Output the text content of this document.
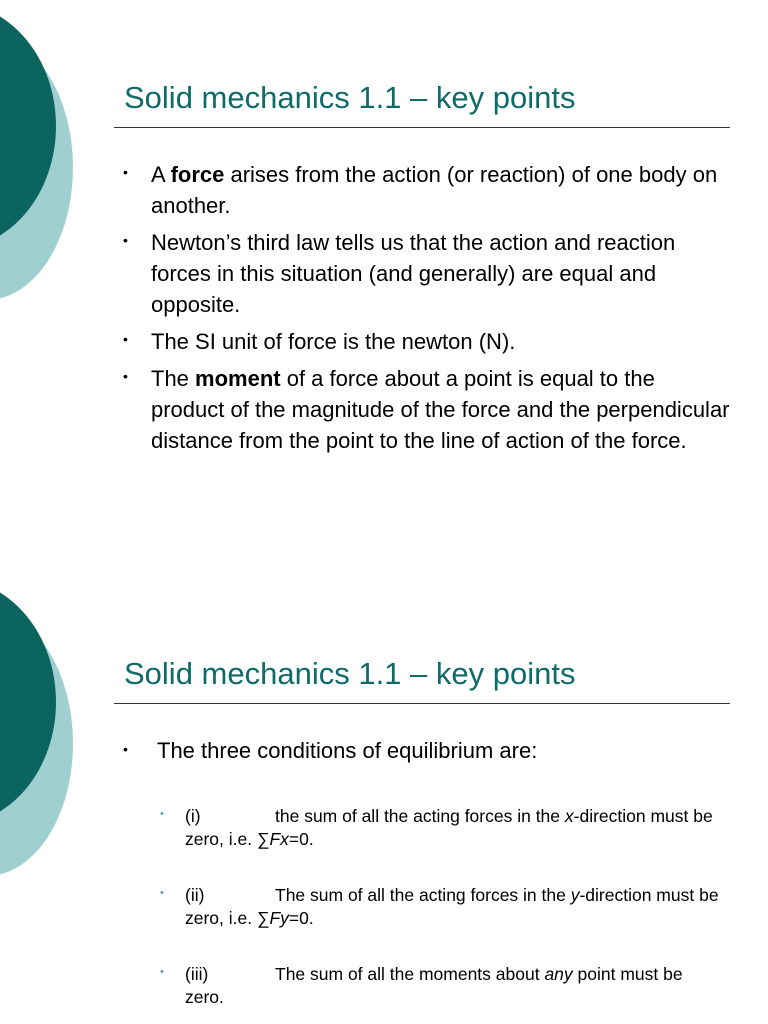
Solid mechanics 1.1 – key points
• A force arises from the action (or reaction) of one body on another.
• Newton’s third law tells us that the action and reaction forces in this situation (and generally) are equal and opposite.
• The SI unit of force is the newton (N).
• The moment of a force about a point is equal to the product of the magnitude of the force and the perpendicular distance from the point to the line of action of the force.
Solid mechanics 1.1 – key points

• The three conditions of equilibrium are:

• (i)	the sum of all the acting forces in the x-direction must be zero, i.e. ∑Fx=0.

• (ii)	The sum of all the acting forces in the y-direction must be zero, i.e. ∑Fy=0.

• (iii)	The sum of all the moments about any point must be zero.
